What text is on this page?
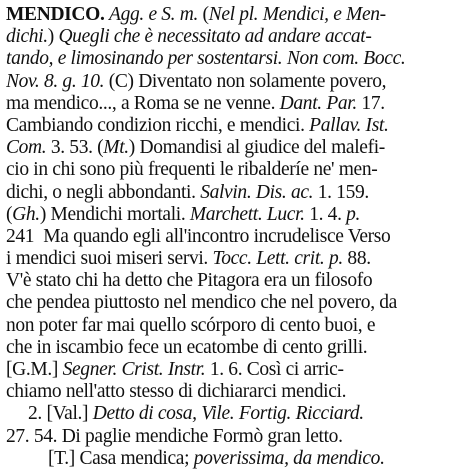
MENDICO. Agg. e S. m. (Nel pl. Mendici, e Men-
dichi.) Quegli che è necessitato ad andare accat-
tando, e limosinando per sostentarsi. Non com. Bocc.
Nov. 8. g. 10. (C) Diventato non solamente povero,
ma mendico..., a Roma se ne venne. Dant. Par. 17.
Cambiando condizion ricchi, e mendici. Pallav. Ist.
Com. 3. 53. (Mt.) Domandisi al giudice del malefi-
cio in chi sono più frequenti le ribalderíe ne' men-
dichi, o negli abbondanti. Salvin. Dis. ac. 1. 159.
(Gh.) Mendichi mortali. Marchett. Lucr. 1. 4. p.
241  Ma quando egli all'incontro incrudelisce Verso
i mendici suoi miseri servi. Tocc. Lett. crit. p. 88.
V'è stato chi ha detto che Pitagora era un filosofo
che pendea piuttosto nel mendico che nel povero, da
non poter far mai quello scórporo di cento buoi, e
che in iscambio fece un ecatombe di cento grilli.
[G.M.] Segner. Crist. Instr. 1. 6. Così ci arric-
chiamo nell'atto stesso di dichiararci mendici.
2. [Val.] Detto di cosa, Vile. Fortig. Ricciard.
27. 54. Di paglie mendiche Formò gran letto.
[T.] Casa mendica; poverissima, da mendico.
